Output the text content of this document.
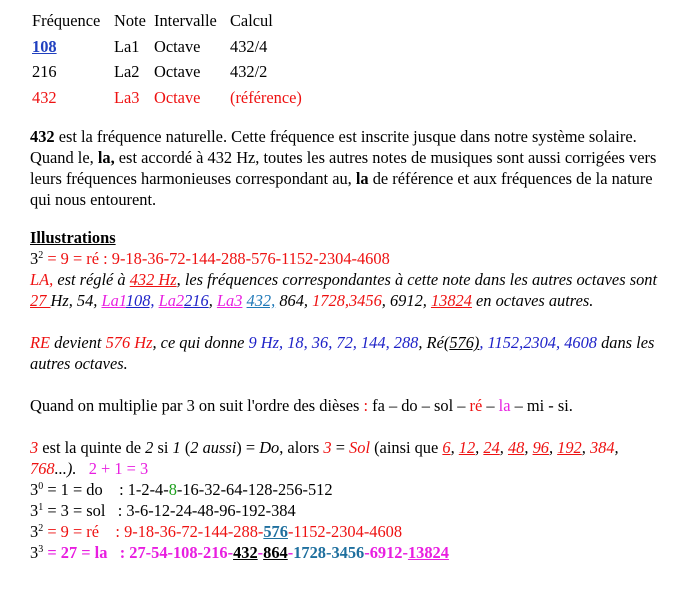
Fréquence	Note	Intervalle	Calcul
108	La1	Octave	432/4
216	La2	Octave	432/2
432	La3	Octave	(référence)

432 est la fréquence naturelle. Cette fréquence est inscrite jusque dans notre système solaire. Quand le, la, est accordé à 432 Hz, toutes les autres notes de musiques sont aussi corrigées vers leurs fréquences harmonieuses correspondant au, la de référence et aux fréquences de la nature qui nous entourent.

Illustrations

$3^2 = 9$ = ré : 9-18-36-72-144-288-576-1152-2304-4608

LA, est réglé à 432 Hz, les fréquences correspondantes à cette note dans les autres octaves sont 27 Hz, 54, La1108, La2216, La3 432, 864, 1728,3456, 6912, 13824 en octaves autres.

RE devient 576 Hz, ce qui donne 9 Hz, 18, 36, 72, 144, 288, Ré(576), 1152,2304, 4608 dans les autres octaves.

Quand on multiplie par 3 on suit l'ordre des dièses : fa – do – sol – ré – la – mi - si.

3 est la quinte de 2 si 1 (2 aussi) = Do, alors 3 = Sol (ainsi que 6, 12, 24, 48, 96, 192, 384, 768...).   2 + 1 = 3

$3^0 = 1$ = do    : 1-2-4-8-16-32-64-128-256-512

$3^1 = 3$ = sol   : 3-6-12-24-48-96-192-384

$3^2 = 9$ = ré    : 9-18-36-72-144-288-576-1152-2304-4608

$3^3 = 27$ = la   : 27-54-108-216-432-864-1728-3456-6912-13824
